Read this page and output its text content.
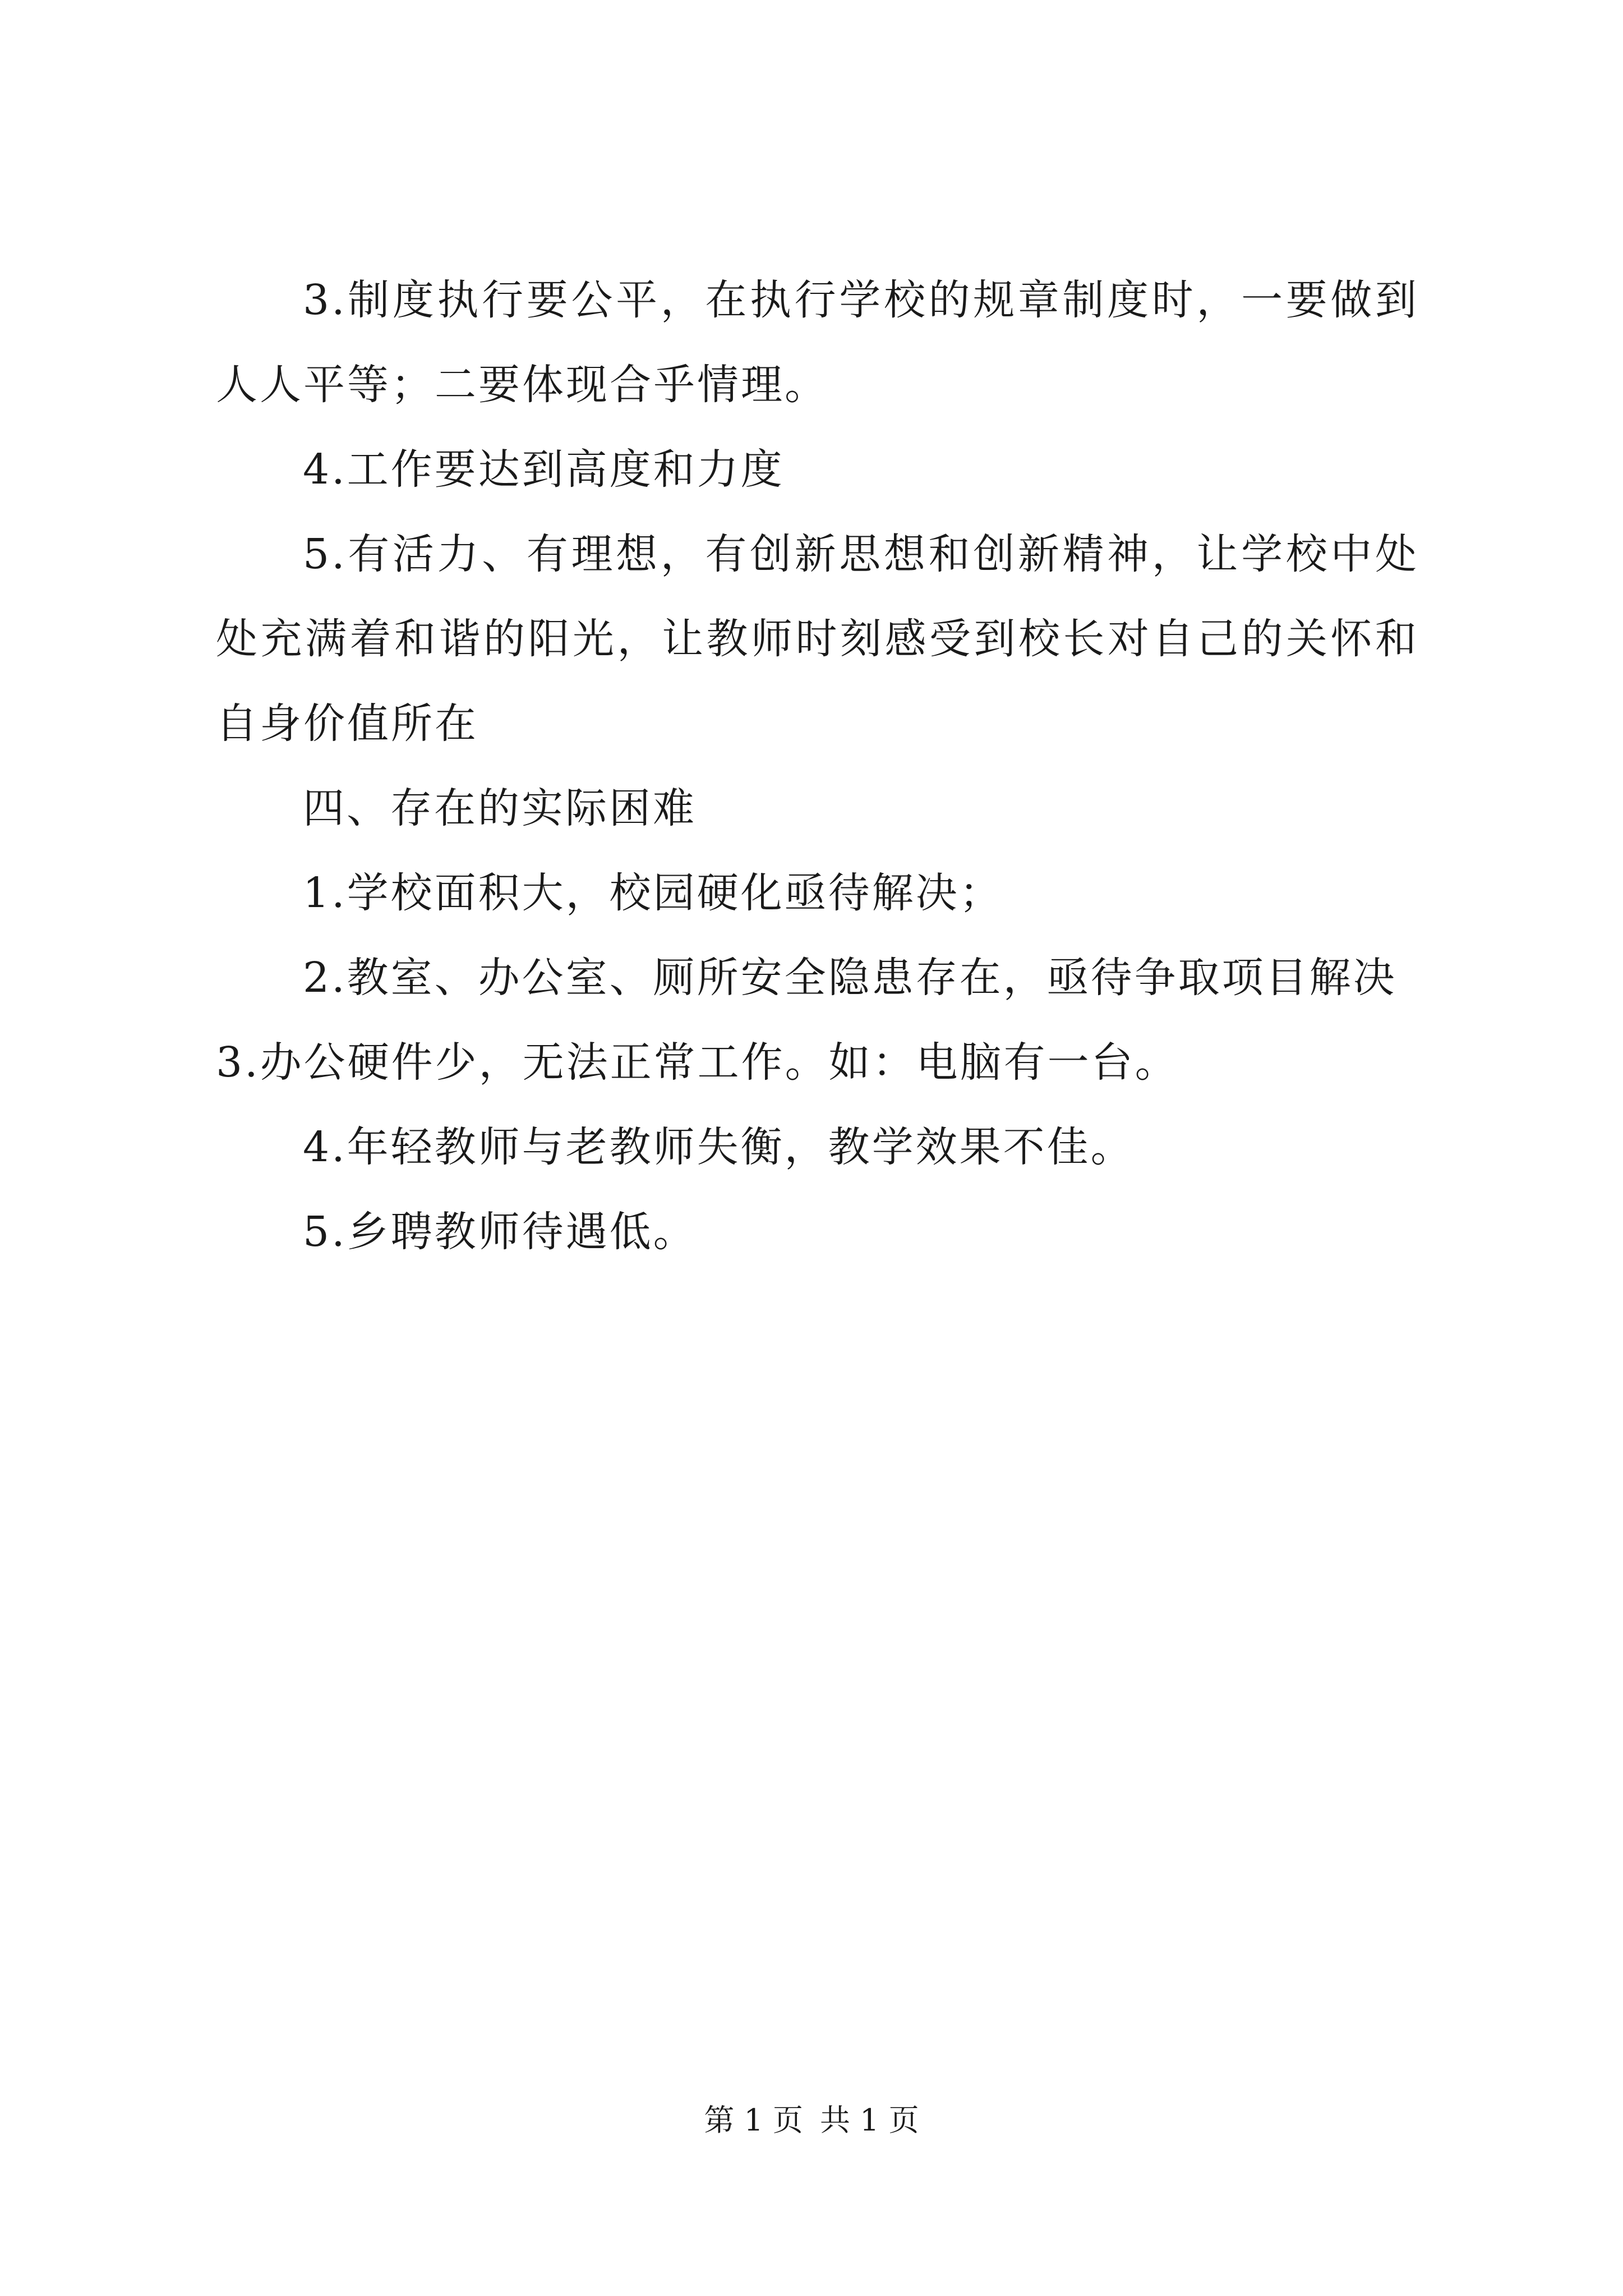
3.制度执行要公平，在执行学校的规章制度时，一要做到人人平等；二要体现合乎情理。

4.工作要达到高度和力度

5.有活力、有理想，有创新思想和创新精神，让学校中处处充满着和谐的阳光，让教师时刻感受到校长对自己的关怀和自身价值所在

四、存在的实际困难

1.学校面积大，校园硬化亟待解决；

2.教室、办公室、厕所安全隐患存在，亟待争取项目解决

3.办公硬件少，无法正常工作。如：电脑有一台。

4.年轻教师与老教师失衡，教学效果不佳。

5.乡聘教师待遇低。

第 1 页 共 1 页
